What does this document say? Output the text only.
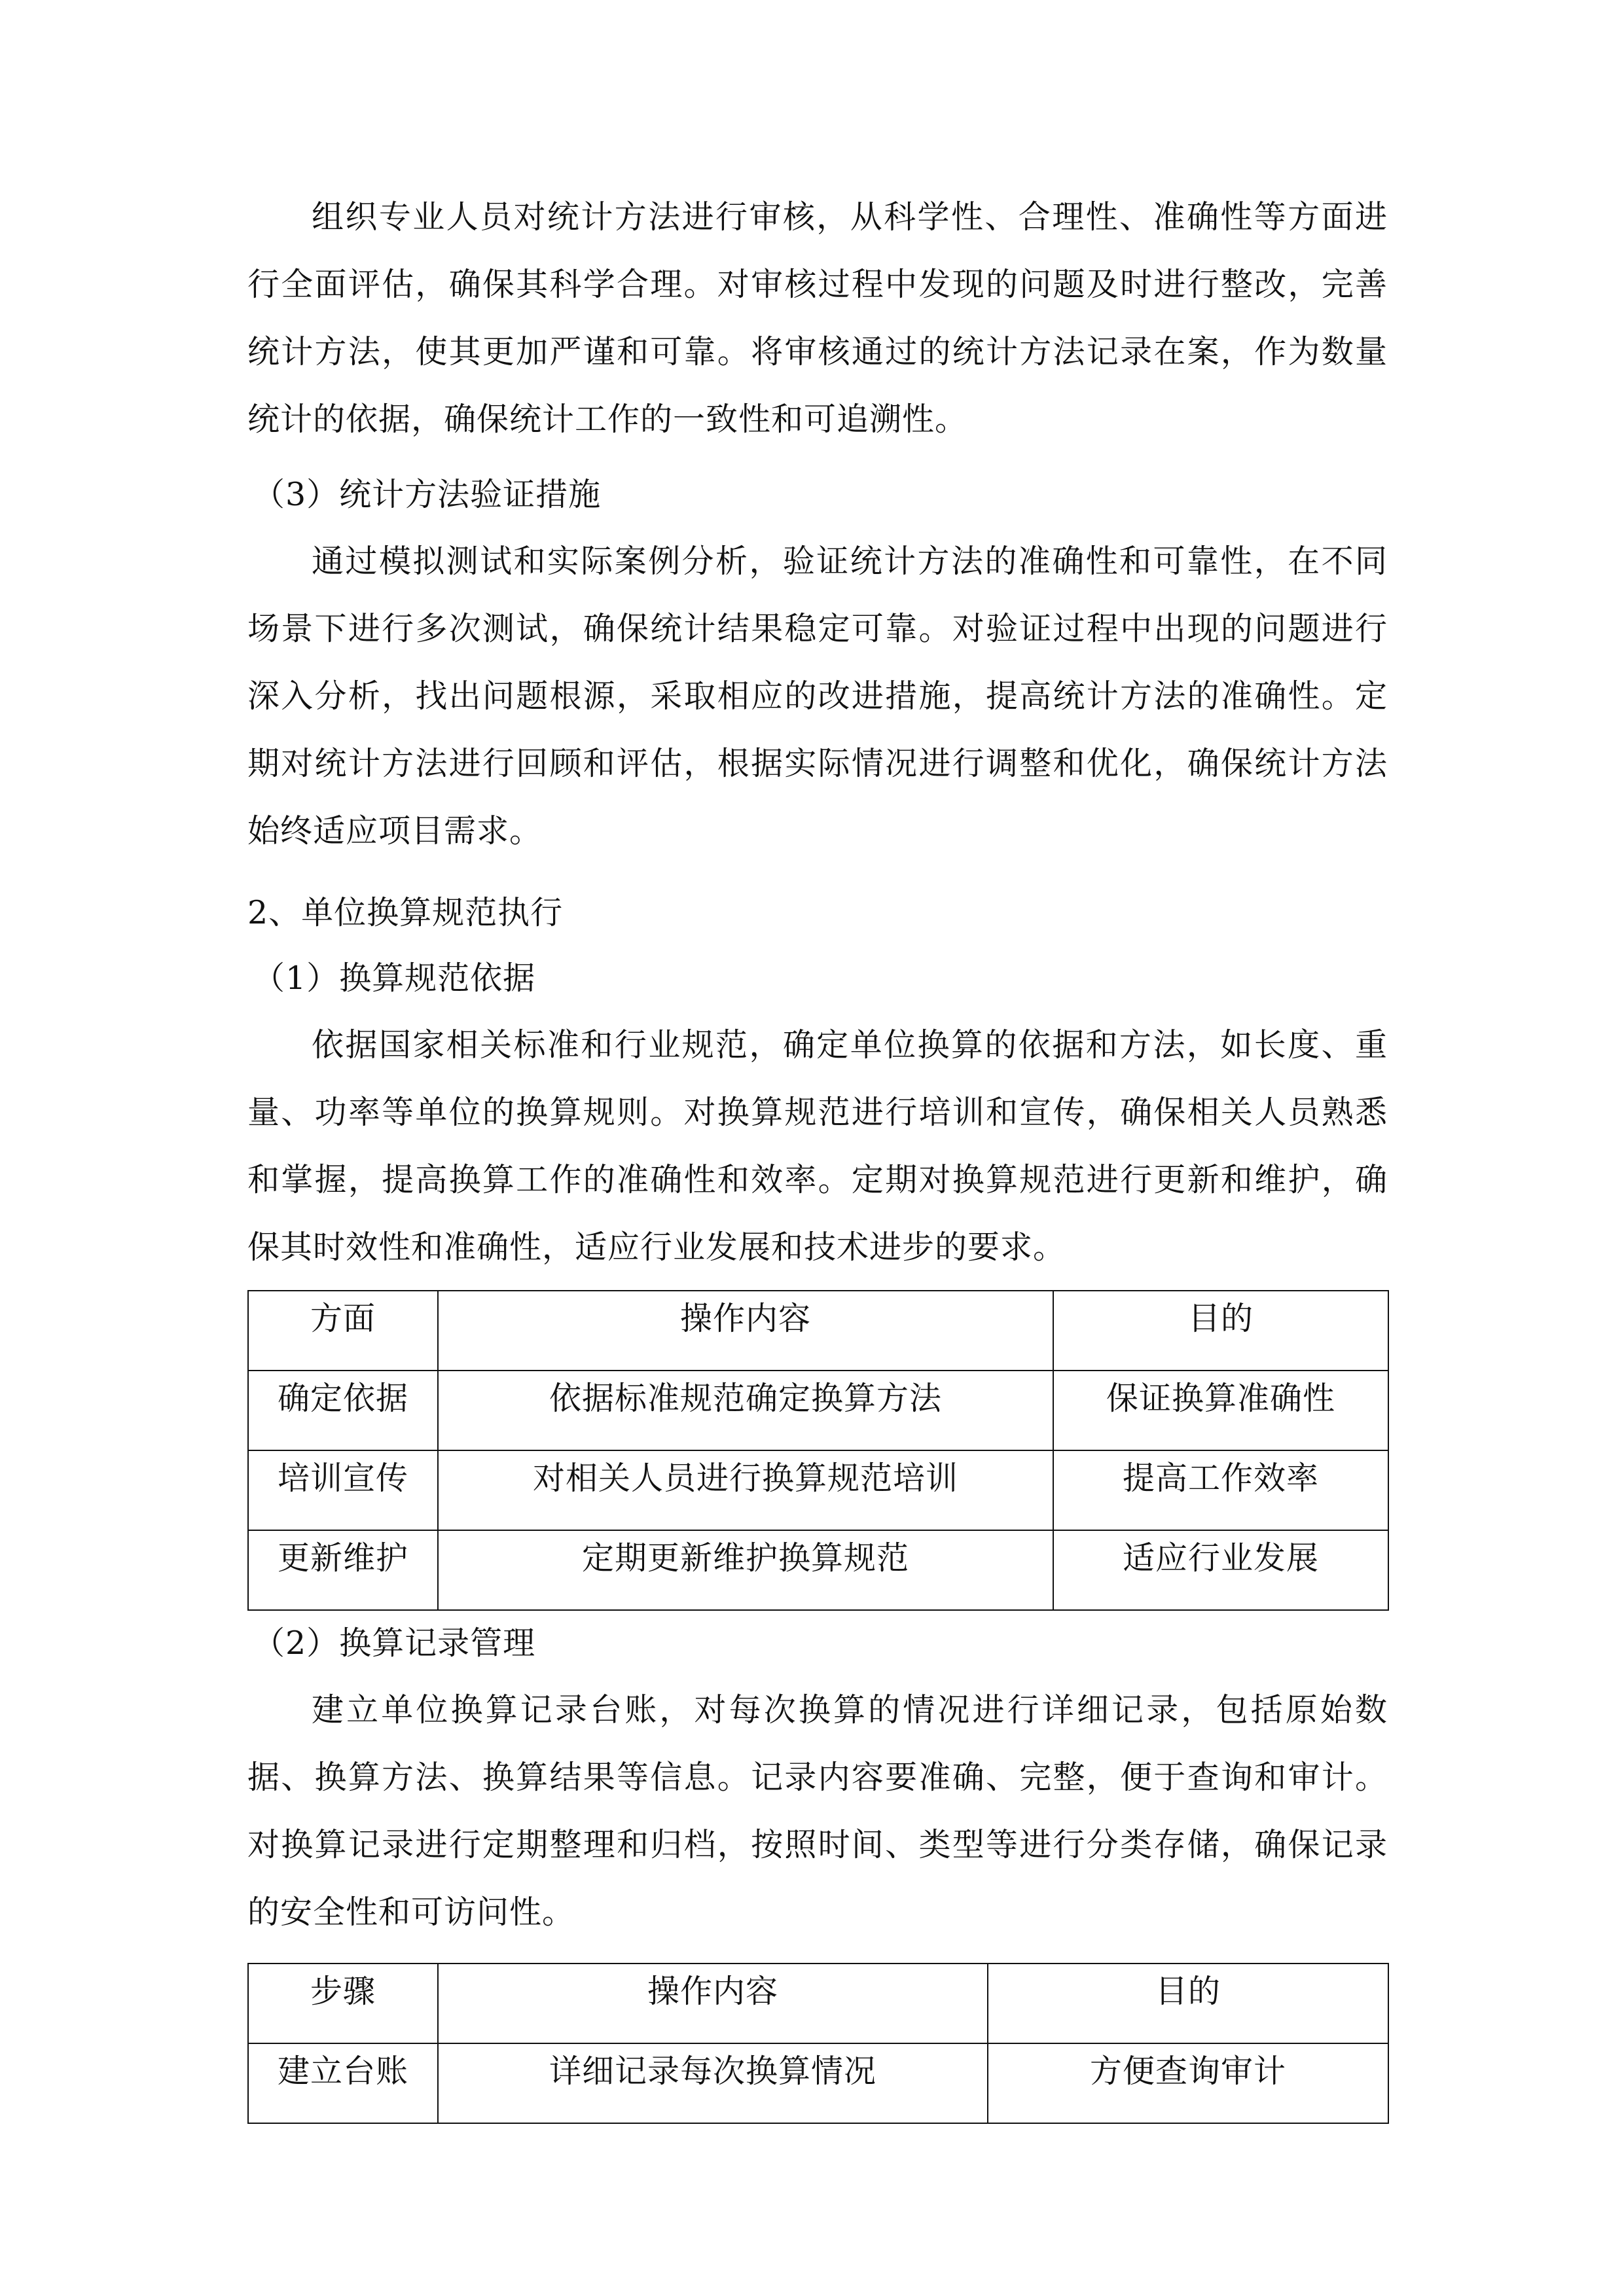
组织专业人员对统计方法进行审核，从科学性、合理性、准确性等方面进行全面评估，确保其科学合理。对审核过程中发现的问题及时进行整改，完善统计方法，使其更加严谨和可靠。将审核通过的统计方法记录在案，作为数量统计的依据，确保统计工作的一致性和可追溯性。

（3）统计方法验证措施

通过模拟测试和实际案例分析，验证统计方法的准确性和可靠性，在不同场景下进行多次测试，确保统计结果稳定可靠。对验证过程中出现的问题进行深入分析，找出问题根源，采取相应的改进措施，提高统计方法的准确性。定期对统计方法进行回顾和评估，根据实际情况进行调整和优化，确保统计方法始终适应项目需求。

2、单位换算规范执行

（1）换算规范依据

依据国家相关标准和行业规范，确定单位换算的依据和方法，如长度、重量、功率等单位的换算规则。对换算规范进行培训和宣传，确保相关人员熟悉和掌握，提高换算工作的准确性和效率。定期对换算规范进行更新和维护，确保其时效性和准确性，适应行业发展和技术进步的要求。

方面	操作内容	目的
确定依据	依据标准规范确定换算方法	保证换算准确性
培训宣传	对相关人员进行换算规范培训	提高工作效率
更新维护	定期更新维护换算规范	适应行业发展

（2）换算记录管理

建立单位换算记录台账，对每次换算的情况进行详细记录，包括原始数据、换算方法、换算结果等信息。记录内容要准确、完整，便于查询和审计。对换算记录进行定期整理和归档，按照时间、类型等进行分类存储，确保记录的安全性和可访问性。

步骤	操作内容	目的
建立台账	详细记录每次换算情况	方便查询审计
